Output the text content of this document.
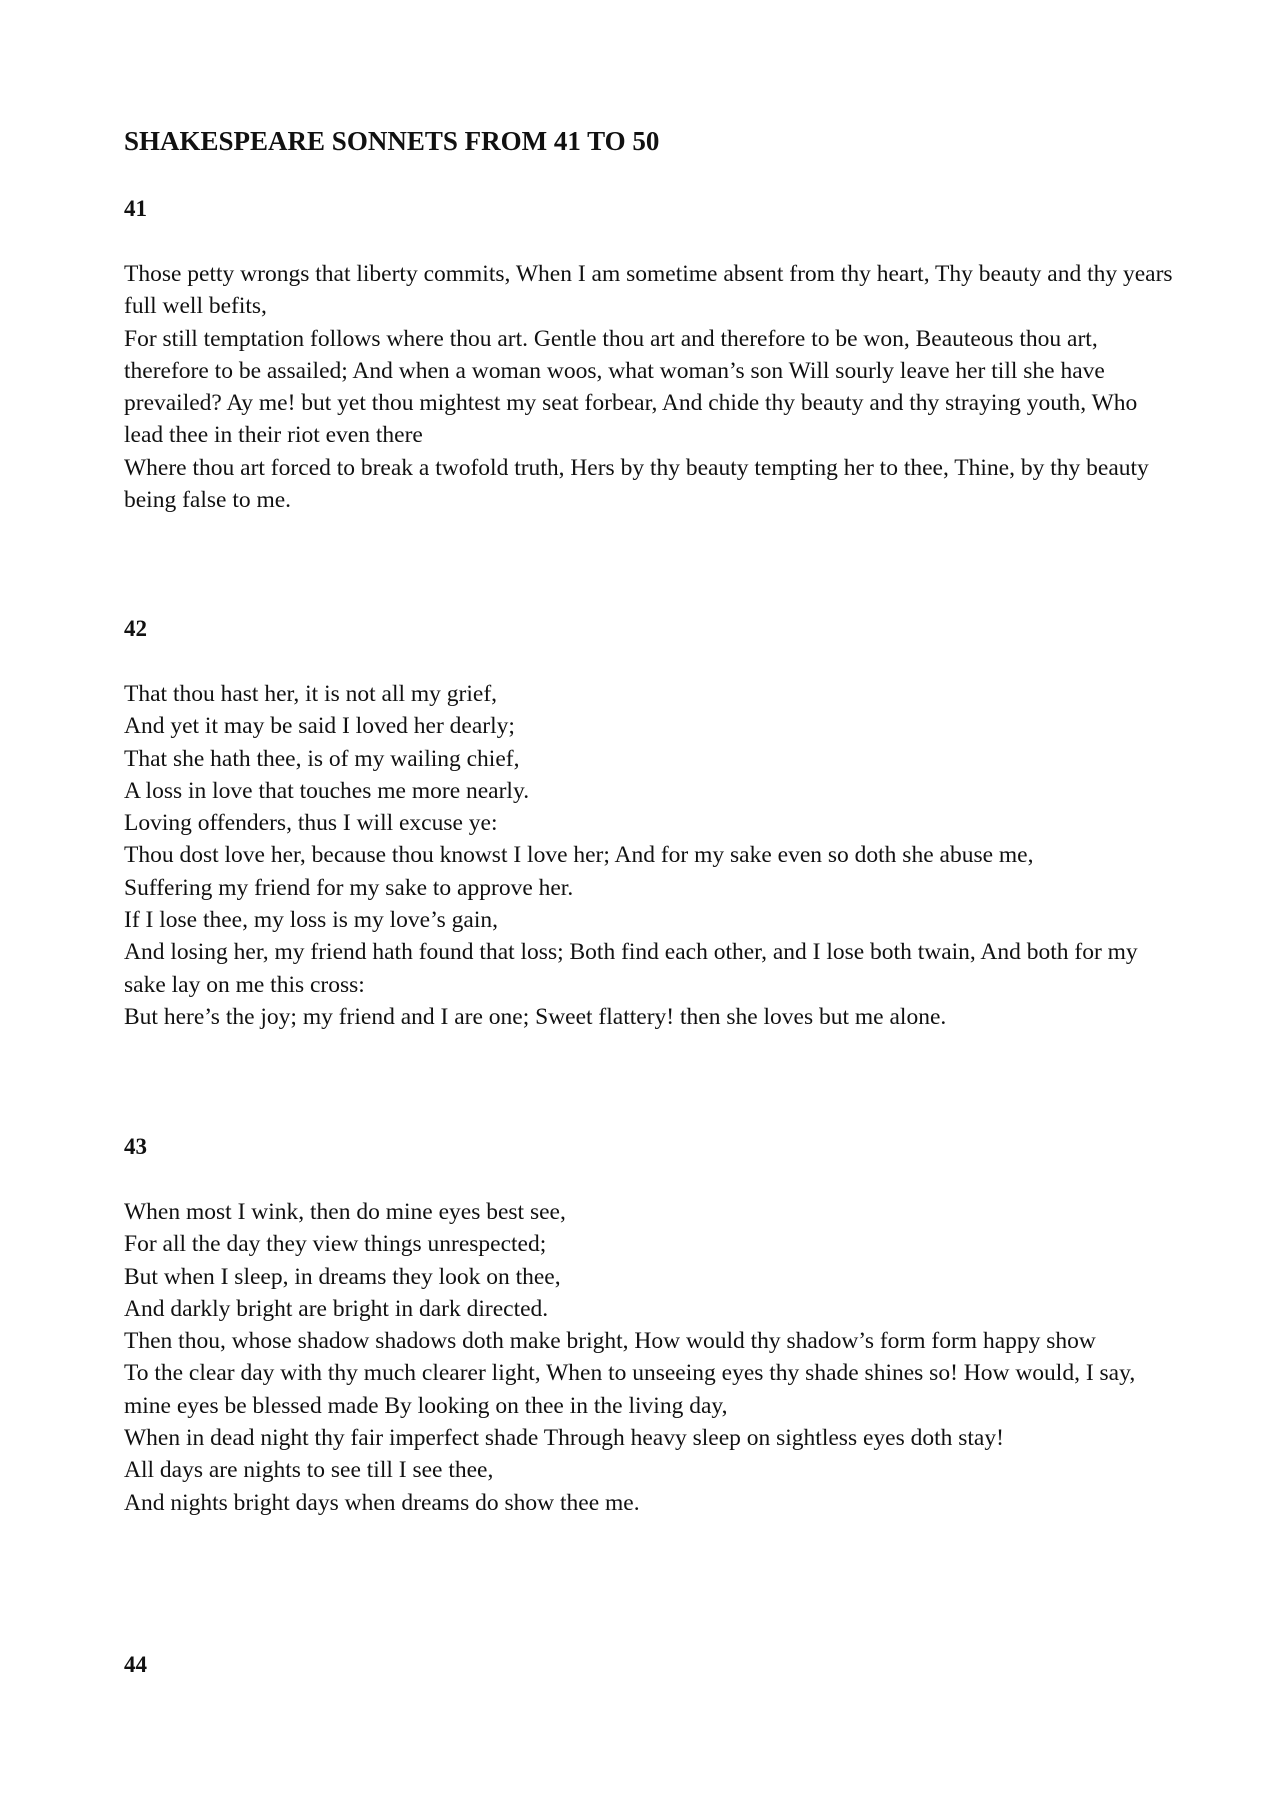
SHAKESPEARE SONNETS FROM 41 TO 50
41
Those petty wrongs that liberty commits, When I am sometime absent from thy heart, Thy beauty and thy years full well befits,
For still temptation follows where thou art. Gentle thou art and therefore to be won, Beauteous thou art, therefore to be assailed; And when a woman woos, what woman’s son Will sourly leave her till she have prevailed? Ay me! but yet thou mightest my seat forbear, And chide thy beauty and thy straying youth, Who lead thee in their riot even there
Where thou art forced to break a twofold truth, Hers by thy beauty tempting her to thee, Thine, by thy beauty being false to me.
42
That thou hast her, it is not all my grief,
And yet it may be said I loved her dearly;
That she hath thee, is of my wailing chief,
A loss in love that touches me more nearly.
Loving offenders, thus I will excuse ye:
Thou dost love her, because thou knowst I love her; And for my sake even so doth she abuse me,
Suffering my friend for my sake to approve her.
If I lose thee, my loss is my love’s gain,
And losing her, my friend hath found that loss; Both find each other, and I lose both twain, And both for my sake lay on me this cross:
But here’s the joy; my friend and I are one; Sweet flattery! then she loves but me alone.
43
When most I wink, then do mine eyes best see,
For all the day they view things unrespected;
But when I sleep, in dreams they look on thee,
And darkly bright are bright in dark directed.
Then thou, whose shadow shadows doth make bright, How would thy shadow’s form form happy show
To the clear day with thy much clearer light, When to unseeing eyes thy shade shines so! How would, I say, mine eyes be blessed made By looking on thee in the living day,
When in dead night thy fair imperfect shade Through heavy sleep on sightless eyes doth stay!
All days are nights to see till I see thee,
And nights bright days when dreams do show thee me.
44
